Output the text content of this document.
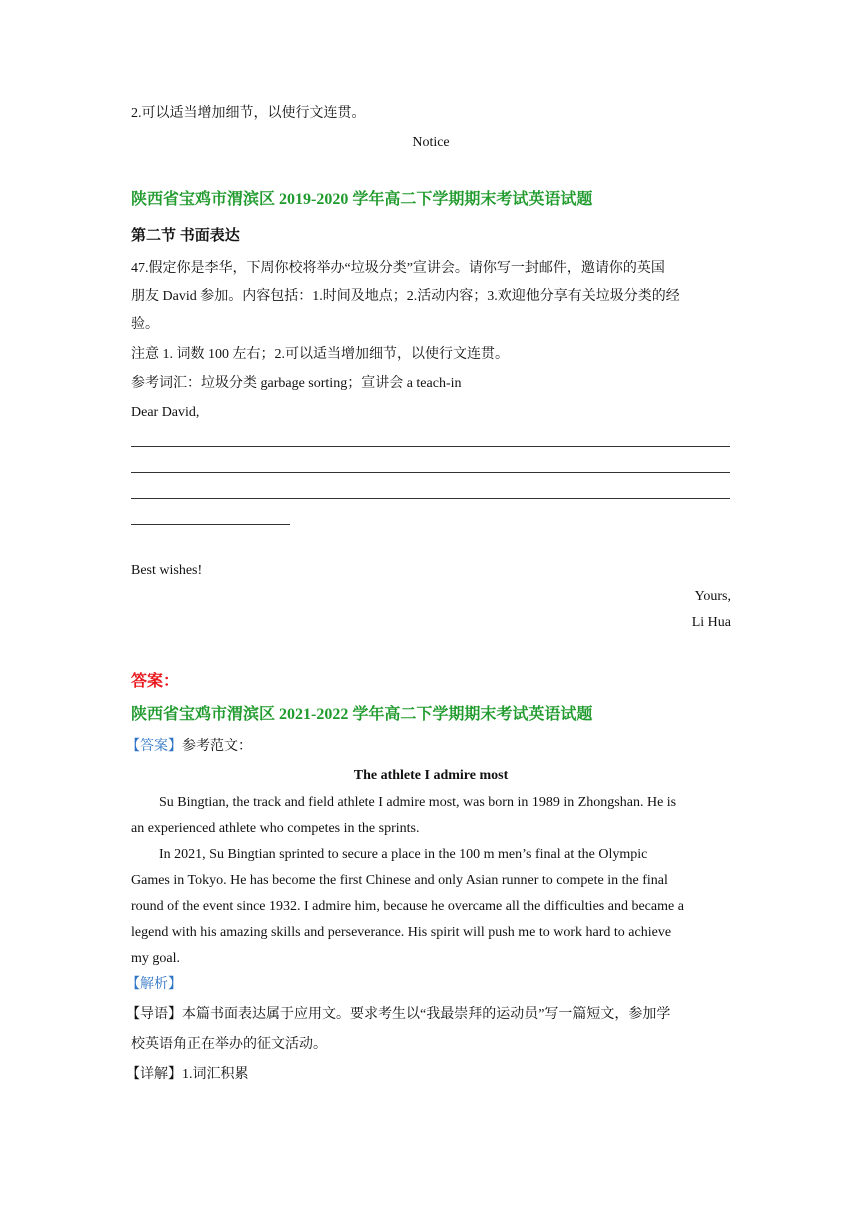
2.可以适当增加细节，以使行文连贯。
Notice
陕西省宝鸡市渭滨区 2019-2020 学年高二下学期期末考试英语试题
第二节 书面表达
47.假定你是李华，下周你校将举办“垃圾分类”宣讲会。请你写一封邮件，邀请你的英国
朋友 David 参加。内容包括：1.时间及地点；2.活动内容；3.欢迎他分享有关垃圾分类的经
验。
注意 1. 词数 100 左右；2.可以适当增加细节，以使行文连贯。
参考词汇：垃圾分类 garbage sorting；宣讲会 a teach-in
Dear David,
Best wishes!
Yours,
Li Hua
答案：
陕西省宝鸡市渭滨区 2021-2022 学年高二下学期期末考试英语试题
【答案】参考范文：
The athlete I admire most
Su Bingtian, the track and field athlete I admire most, was born in 1989 in Zhongshan. He is
an experienced athlete who competes in the sprints.
In 2021, Su Bingtian sprinted to secure a place in the 100 m men’s final at the Olympic
Games in Tokyo. He has become the first Chinese and only Asian runner to compete in the final
round of the event since 1932. I admire him, because he overcame all the difficulties and became a
legend with his amazing skills and perseverance. His spirit will push me to work hard to achieve
my goal.
【解析】
【导语】本篇书面表达属于应用文。要求考生以“我最崇拜的运动员”写一篇短文，参加学
校英语角正在举办的征文活动。
【详解】1.词汇积累
